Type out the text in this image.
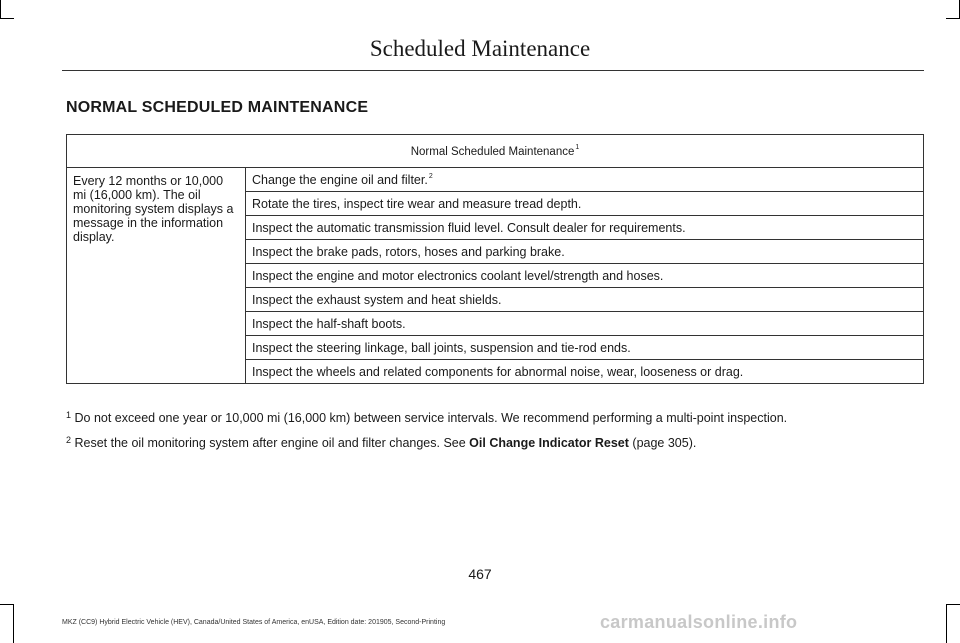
Scheduled Maintenance
NORMAL SCHEDULED MAINTENANCE
Normal Scheduled Maintenance$^1$
Every 12 months or 10,000 mi (16,000 km). The oil monitoring system displays a message in the information display.	Change the engine oil and filter.$^2$
Rotate the tires, inspect tire wear and measure tread depth.
Inspect the automatic transmission fluid level. Consult dealer for requirements.
Inspect the brake pads, rotors, hoses and parking brake.
Inspect the engine and motor electronics coolant level/strength and hoses.
Inspect the exhaust system and heat shields.
Inspect the half-shaft boots.
Inspect the steering linkage, ball joints, suspension and tie-rod ends.
Inspect the wheels and related components for abnormal noise, wear, looseness or drag.
$^1$ Do not exceed one year or 10,000 mi (16,000 km) between service intervals. We recommend performing a multi-point inspection.
$^2$ Reset the oil monitoring system after engine oil and filter changes. See Oil Change Indicator Reset (page 305).
467
MKZ (CC9) Hybrid Electric Vehicle (HEV), Canada/United States of America, enUSA, Edition date: 201905, Second-Printing	carmanualsonline.info
